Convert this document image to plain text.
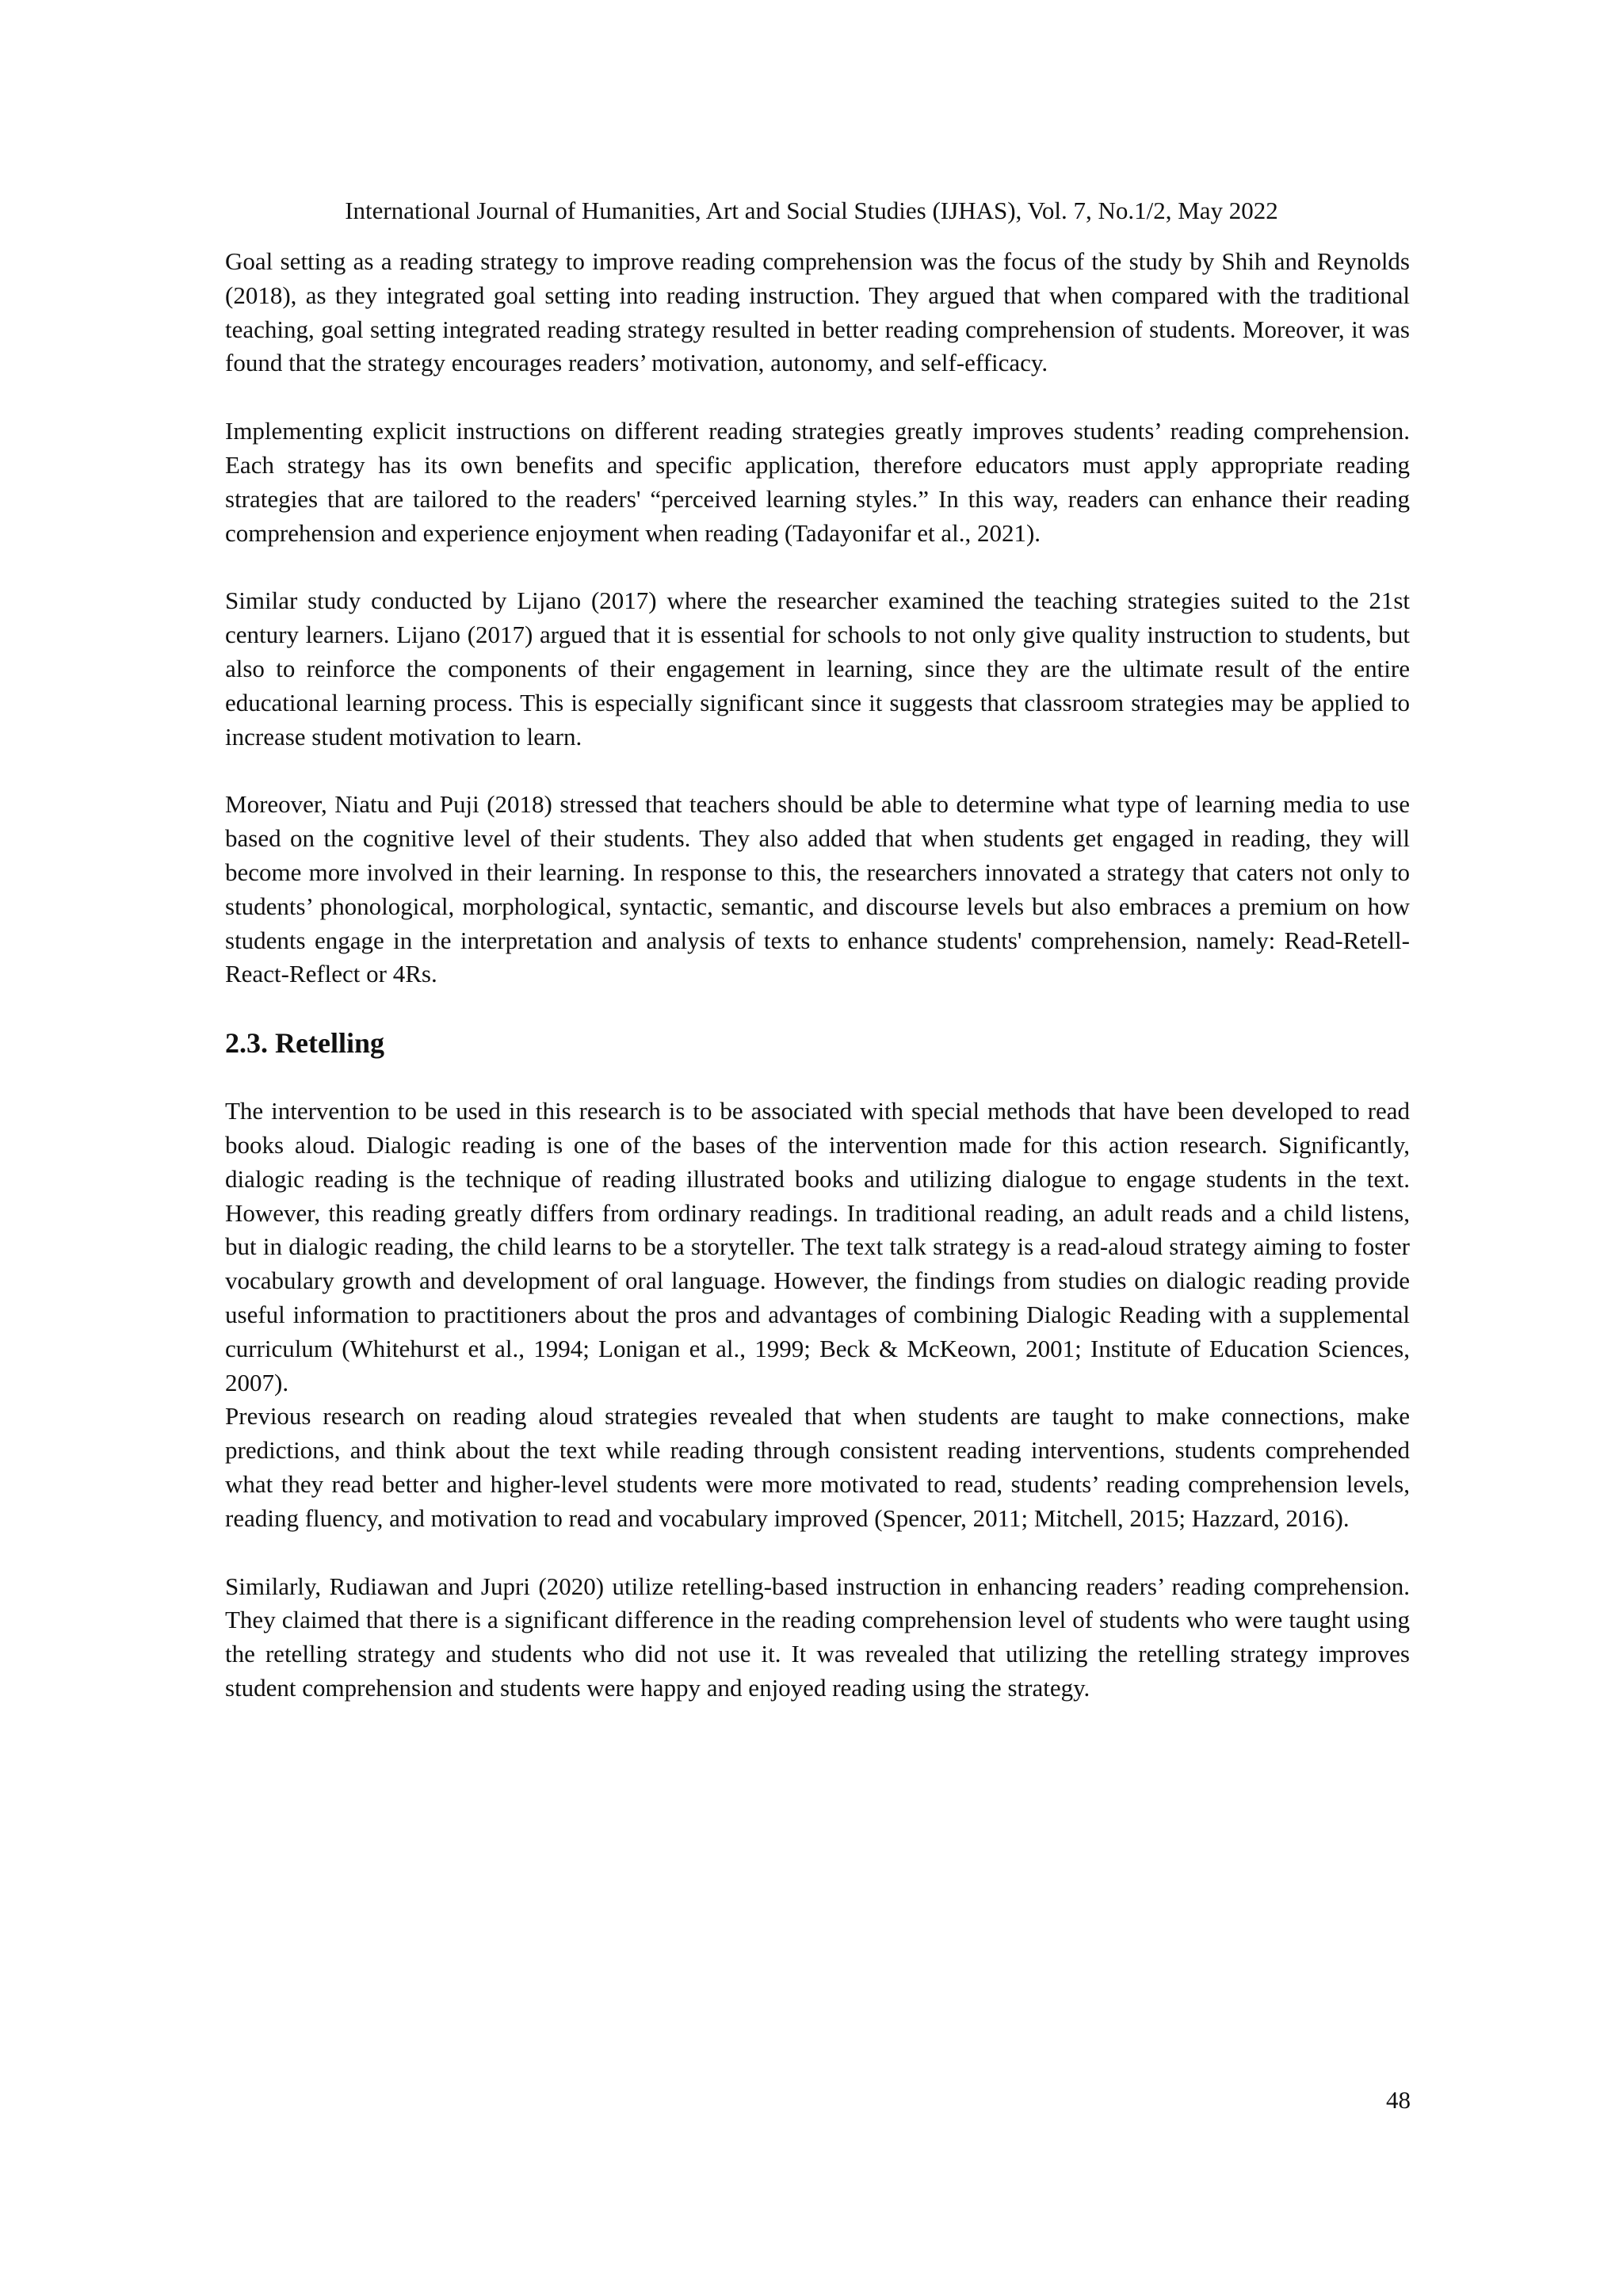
International Journal of Humanities, Art and Social Studies (IJHAS), Vol. 7, No.1/2, May 2022

Goal setting as a reading strategy to improve reading comprehension was the focus of the study by Shih and Reynolds (2018), as they integrated goal setting into reading instruction. They argued that when compared with the traditional teaching, goal setting integrated reading strategy resulted in better reading comprehension of students. Moreover, it was found that the strategy encourages readers’ motivation, autonomy, and self-efficacy.

Implementing explicit instructions on different reading strategies greatly improves students’ reading comprehension. Each strategy has its own benefits and specific application, therefore educators must apply appropriate reading strategies that are tailored to the readers' “perceived learning styles.” In this way, readers can enhance their reading comprehension and experience enjoyment when reading (Tadayonifar et al., 2021).

Similar study conducted by Lijano (2017) where the researcher examined the teaching strategies suited to the 21st century learners. Lijano (2017) argued that it is essential for schools to not only give quality instruction to students, but also to reinforce the components of their engagement in learning, since they are the ultimate result of the entire educational learning process. This is especially significant since it suggests that classroom strategies may be applied to increase student motivation to learn.

Moreover, Niatu and Puji (2018) stressed that teachers should be able to determine what type of learning media to use based on the cognitive level of their students. They also added that when students get engaged in reading, they will become more involved in their learning. In response to this, the researchers innovated a strategy that caters not only to students’ phonological, morphological, syntactic, semantic, and discourse levels but also embraces a premium on how students engage in the interpretation and analysis of texts to enhance students' comprehension, namely: Read-Retell-React-Reflect or 4Rs.

2.3. Retelling

The intervention to be used in this research is to be associated with special methods that have been developed to read books aloud. Dialogic reading is one of the bases of the intervention made for this action research. Significantly, dialogic reading is the technique of reading illustrated books and utilizing dialogue to engage students in the text. However, this reading greatly differs from ordinary readings. In traditional reading, an adult reads and a child listens, but in dialogic reading, the child learns to be a storyteller. The text talk strategy is a read-aloud strategy aiming to foster vocabulary growth and development of oral language. However, the findings from studies on dialogic reading provide useful information to practitioners about the pros and advantages of combining Dialogic Reading with a supplemental curriculum (Whitehurst et al., 1994; Lonigan et al., 1999; Beck & McKeown, 2001; Institute of Education Sciences, 2007).

Previous research on reading aloud strategies revealed that when students are taught to make connections, make predictions, and think about the text while reading through consistent reading interventions, students comprehended what they read better and higher-level students were more motivated to read, students’ reading comprehension levels, reading fluency, and motivation to read and vocabulary improved (Spencer, 2011; Mitchell, 2015; Hazzard, 2016).

Similarly, Rudiawan and Jupri (2020) utilize retelling-based instruction in enhancing readers’ reading comprehension. They claimed that there is a significant difference in the reading comprehension level of students who were taught using the retelling strategy and students who did not use it. It was revealed that utilizing the retelling strategy improves student comprehension and students were happy and enjoyed reading using the strategy.

48
